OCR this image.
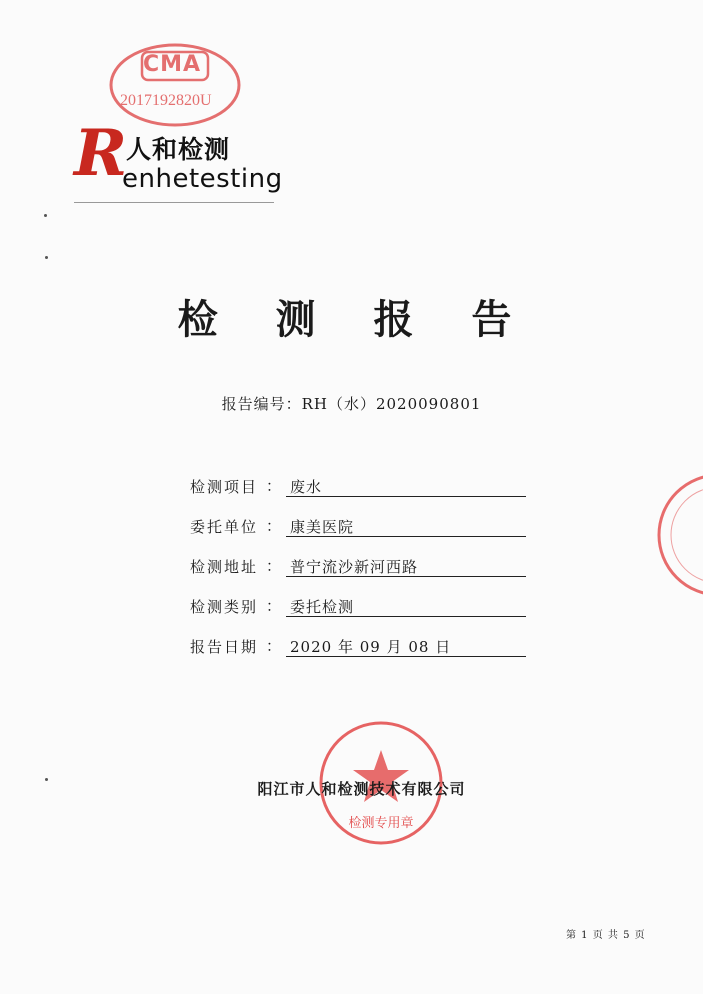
CMA
2017192820U
R
人和检测
enhetesting
检 测 报 告
报告编号：RH（水）2020090801
检测项目 ： 废水
委托单位 ： 康美医院
检测地址 ： 普宁流沙新河西路
检测类别 ： 委托检测
报告日期 ： 2020 年 09 月 08 日
检测专用章
阳江市人和检测技术有限公司
第 1 页 共 5 页
